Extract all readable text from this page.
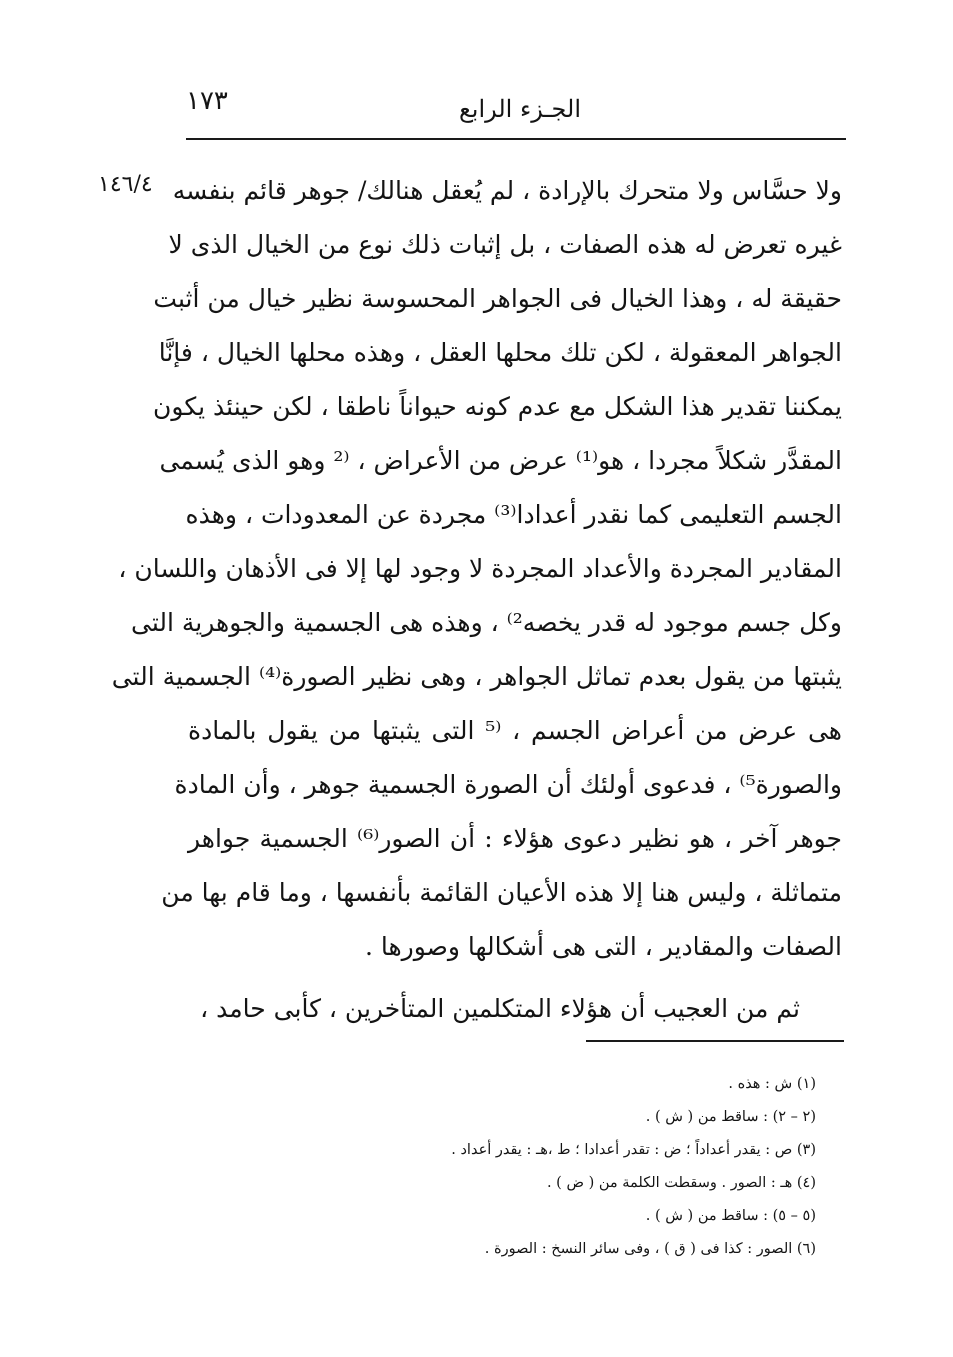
١٧٣	الجـزء الرابع
١٤٦/٤ ولا حسَّاس ولا متحرك بالإرادة ، لم يُعقل هنالك/ جوهر قائم بنفسه
غيره تعرض له هذه الصفات ، بل إثبات ذلك نوع من الخيال الذى لا
حقيقة له ، وهذا الخيال فى الجواهر المحسوسة نظير خيال من أثبت
الجواهر المعقولة ، لكن تلك محلها العقل ، وهذه محلها الخيال ، فإنَّا
يمكننا تقدير هذا الشكل مع عدم كونه حيواناً ناطقا ، لكن حينئذ يكون
المقدَّر شكلاً مجردا ، هو⁽¹⁾ عرض من الأعراض ، ⁽² وهو الذى يُسمى
الجسم التعليمى كما نقدر أعدادا⁽³⁾ مجردة عن المعدودات ، وهذه
المقادير المجردة والأعداد المجردة لا وجود لها إلا فى الأذهان واللسان ،
وكل جسم موجود له قدر يخصه²⁾ ، وهذه هى الجسمية والجوهرية التى
يثبتها من يقول بعدم تماثل الجواهر ، وهى نظير الصورة⁽⁴⁾ الجسمية التى
هى عرض من أعراض الجسم ، ⁽⁵ التى يثبتها من يقول بالمادة
والصورة⁵⁾ ، فدعوى أولئك أن الصورة الجسمية جوهر ، وأن المادة
جوهر آخر ، هو نظير دعوى هؤلاء : أن الصور⁽⁶⁾ الجسمية جواهر
متماثلة ، وليس هنا إلا هذه الأعيان القائمة بأنفسها ، وما قام بها من
الصفات والمقادير ، التى هى أشكالها وصورها .
ثم من العجيب أن هؤلاء المتكلمين المتأخرين ، كأبى حامد ،
(١) ش : هذه .
(٢ – ٢) : ساقط من ( ش ) .
(٣) ص : يقدر أعداداً ؛ ض : تقدر أعدادا ؛ ط ،هـ : يقدر أعداد .
(٤) هـ : الصور . وسقطت الكلمة من ( ض ) .
(٥ – ٥) : ساقط من ( ش ) .
(٦) الصور : كذا فى ( ق ) ، وفى سائر النسخ : الصورة .
